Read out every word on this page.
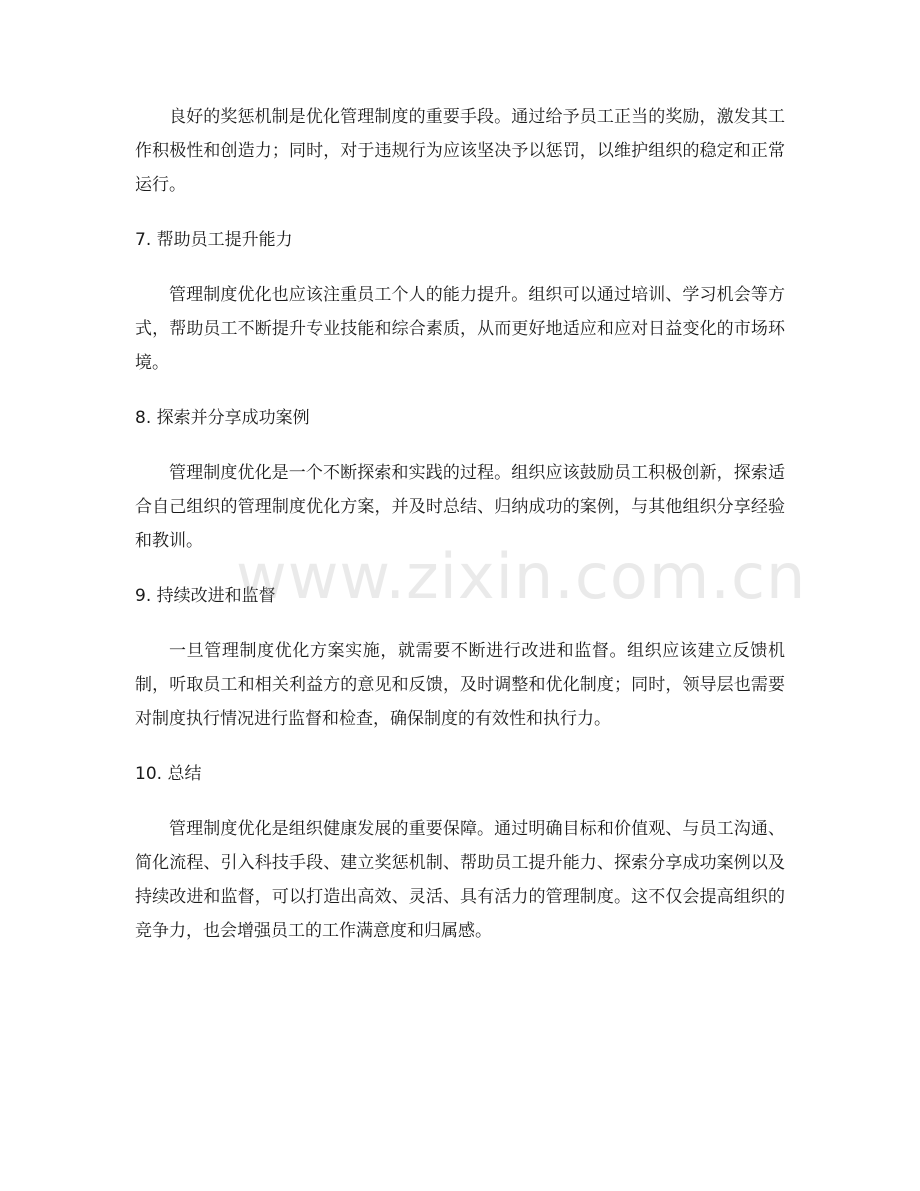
良好的奖惩机制是优化管理制度的重要手段。通过给予员工正当的奖励，激发其工作积极性和创造力；同时，对于违规行为应该坚决予以惩罚，以维护组织的稳定和正常运行。

7. 帮助员工提升能力

管理制度优化也应该注重员工个人的能力提升。组织可以通过培训、学习机会等方式，帮助员工不断提升专业技能和综合素质，从而更好地适应和应对日益变化的市场环境。

8. 探索并分享成功案例

管理制度优化是一个不断探索和实践的过程。组织应该鼓励员工积极创新，探索适合自己组织的管理制度优化方案，并及时总结、归纳成功的案例，与其他组织分享经验和教训。

9. 持续改进和监督

一旦管理制度优化方案实施，就需要不断进行改进和监督。组织应该建立反馈机制，听取员工和相关利益方的意见和反馈，及时调整和优化制度；同时，领导层也需要对制度执行情况进行监督和检查，确保制度的有效性和执行力。

10. 总结

管理制度优化是组织健康发展的重要保障。通过明确目标和价值观、与员工沟通、简化流程、引入科技手段、建立奖惩机制、帮助员工提升能力、探索分享成功案例以及持续改进和监督，可以打造出高效、灵活、具有活力的管理制度。这不仅会提高组织的竞争力，也会增强员工的工作满意度和归属感。

www.zixin.com.cn
